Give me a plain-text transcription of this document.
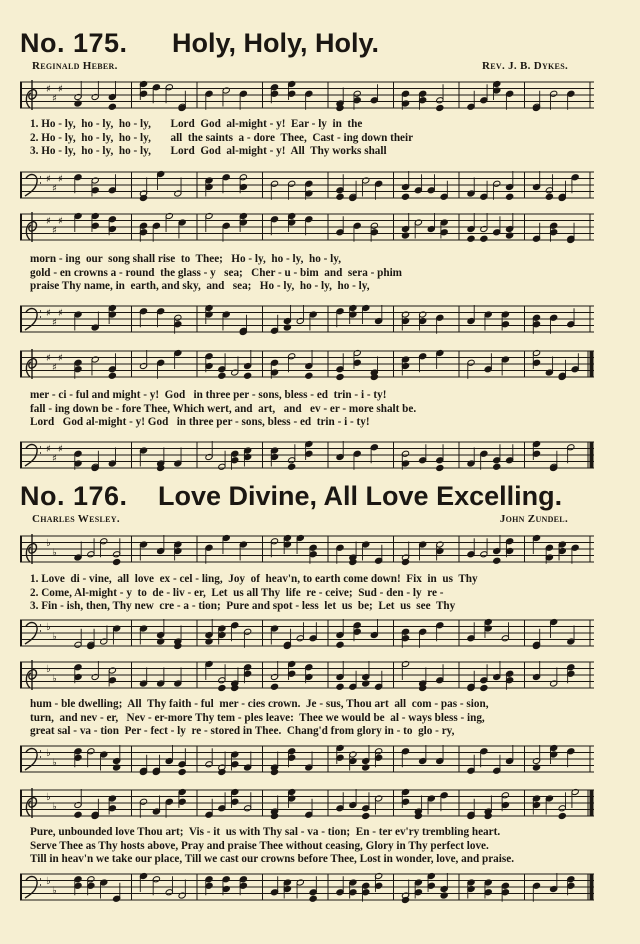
No. 175. Holy, Holy, Holy.
Reginald Heber.	Rev. J. B. Dykes.
♯
♯
♯
1. Ho - ly,  ho - ly,  ho - ly,       Lord  God  al-might - y!  Ear - ly  in  the
2. Ho - ly,  ho - ly,  ho - ly,       all  the saints  a - dore  Thee,  Cast - ing down their
3. Ho - ly,  ho - ly,  ho - ly,       Lord  God  al-might - y!  All  Thy works shall
♯
♯
♯
♯
♯
♯
morn - ing  our  song shall rise  to  Thee;   Ho - ly,  ho - ly,  ho - ly,
gold - en crowns a - round  the glass - y   sea;   Cher - u - bim  and  sera - phim
praise Thy name, in  earth, and sky,  and   sea;   Ho - ly,  ho - ly,  ho - ly,
♯
♯
♯
♯
♯
♯
mer - ci - ful and might - y!  God   in three per - sons, bless - ed  trin - i - ty!
fall - ing down be - fore Thee, Which wert, and  art,   and   ev - er - more shalt be.
Lord   God al-might - y! God   in three per - sons, bless - ed  trin - i - ty!
♯
♯
♯
No. 176. Love Divine, All Love Excelling.
Charles Wesley.	John Zundel.
♭
♭
1. Love  di - vine,  all  love  ex - cel - ling,  Joy  of  heav'n, to earth come down!  Fix  in  us  Thy
2. Come, Al-might - y  to  de - liv - er,  Let  us all Thy  life  re - ceive;  Sud - den - ly  re -
3. Fin - ish, then, Thy new  cre - a - tion;  Pure and spot - less  let  us  be;  Let  us  see  Thy
♭
♭
♭
♭
hum - ble dwelling;  All  Thy faith - ful  mer - cies crown.  Je - sus, Thou art  all  com - pas - sion,
turn,  and nev - er,   Nev - er-more Thy tem - ples leave:  Thee we would be  al - ways bless - ing,
great sal - va - tion  Per - fect - ly  re - stored in Thee.  Chang'd from glory in - to  glo - ry,
♭
♭
♭
♭
Pure, unbounded love Thou art;  Vis - it  us with Thy sal - va - tion;  En - ter ev'ry trembling heart.
Serve Thee as Thy hosts above, Pray and praise Thee without ceasing, Glory in Thy perfect love.
Till in heav'n we take our place, Till we cast our crowns before Thee, Lost in wonder, love, and praise.
♭
♭
